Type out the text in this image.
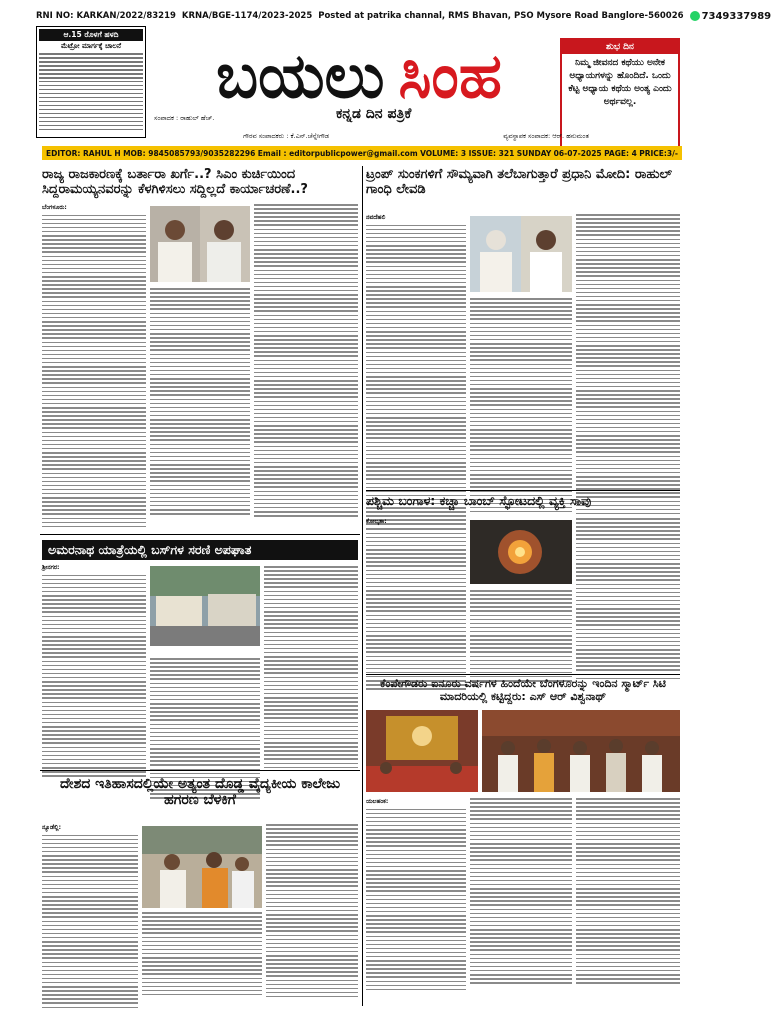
RNI NO: KARKAN/2022/83219 KRNA/BGE-1174/2023-2025 Posted at patrika channal, RMS Bhavan, PSO Mysore Road Banglore-560026 7349337989
ಆ.15 ರೊಳಗೆ ಹಳದಿ
ಮೆಟ್ರೋ ಮಾರ್ಗಕ್ಕೆ ಚಾಲನೆ	ಬಯಲು ಸಿಂಹ
ಸಂಪಾದಕ : ರಾಹುಲ್ ಹೆಚ್.	ಕನ್ನಡ ದಿನ ಪತ್ರಿಕೆ
ಶುಭ ದಿನ
ನಿಮ್ಮ ಜೀವನದ ಕಥೆಯು ಅನೇಕ ಅಧ್ಯಾಯಗಳನ್ನು ಹೊಂದಿದೆ. ಒಂದು ಕೆಟ್ಟ ಅಧ್ಯಾಯ ಕಥೆಯ ಅಂತ್ಯ ಎಂದು ಅರ್ಥವಲ್ಲ.
ಗೌರವ ಸಂಪಾದಕರು : ಕೆ.ಎನ್.ಚೆನ್ನೇಗೌಡ	ವ್ಯವಸ್ಥಾಪಕ ಸಂಪಾದಕ: ಆರ್. ಹನುಮಂತ
EDITOR: RAHUL H MOB: 9845085793/9035282296 Email : editorpublicpower@gmail.com VOLUME: 3 ISSUE: 321 SUNDAY 06-07-2025 PAGE: 4 PRICE:3/-
ರಾಜ್ಯ ರಾಜಕಾರಣಕ್ಕೆ ಬರ್ತಾರಾ ಖರ್ಗೆ..? ಸಿಎಂ ಕುರ್ಚಿಯಿಂದ ಸಿದ್ದರಾಮಯ್ಯನವರನ್ನು ಕೆಳಗಿಳಿಸಲು ಸದ್ದಿಲ್ಲದೆ ಕಾರ್ಯಾಚರಣೆ..?
ಬೆಂಗಳೂರು:
ಅಮರನಾಥ ಯಾತ್ರೆಯಲ್ಲಿ ಬಸ್‌ಗಳ ಸರಣಿ ಅಪಘಾತ
ಶ್ರೀನಗರ:
ದೇಶದ ಇತಿಹಾಸದಲ್ಲಿಯೇ ಅತ್ಯಂತ ದೊಡ್ಡ ವೈದ್ಯಕೀಯ ಕಾಲೇಜು ಹಗರಣ ಬೆಳಕಿಗೆ
ನ್ಯೂಡೆಲ್ಲಿ:
ಟ್ರಂಪ್ ಸುಂಕಗಳಿಗೆ ಸೌಮ್ಯವಾಗಿ ತಲೆಬಾಗುತ್ತಾರೆ ಪ್ರಧಾನಿ ಮೋದಿ: ರಾಹುಲ್ ಗಾಂಧಿ ಲೇವಡಿ
ನವದೆಹಲಿ
ಪಶ್ಚಿಮ ಬಂಗಾಳ: ಕಚ್ಚಾ ಬಾಂಬ್ ಸ್ಫೋಟದಲ್ಲಿ ವ್ಯಕ್ತಿ ಸಾವು
ಕೋಲ್ಕತಾ:
ಕೆಂಪೇಗೌಡರು ಐನೂರು ವರ್ಷಗಳ ಹಿಂದೆಯೇ ಬೆಂಗಳೂರನ್ನು ಇಂದಿನ ಸ್ಮಾರ್ಟ್ ಸಿಟಿ ಮಾದರಿಯಲ್ಲಿ ಕಟ್ಟಿದ್ದರು: ಎಸ್ ಆರ್ ವಿಶ್ವನಾಥ್
ಯಲಹಂಕ:
